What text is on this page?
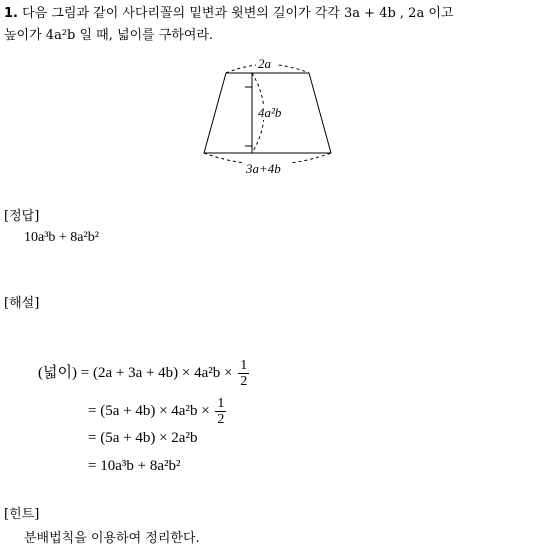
1. 다음 그림과 같이 사다리꼴의 밑변과 윗변의 길이가 각각 3a + 4b , 2a 이고
높이가 4a²b 일 때, 넓이를 구하여라.
2a
4a²b
3a+4b
[정답]
10a³b + 8a²b²
[해설]
(넓이) = $(2a + 3a + 4b) \times 4a^2b \times \frac{1}{2}$
= $(5a + 4b) \times 4a^2b \times \frac{1}{2}$
= (5a + 4b) × 2a²b
= 10a³b + 8a²b²
[힌트]
분배법칙을 이용하여 정리한다.
